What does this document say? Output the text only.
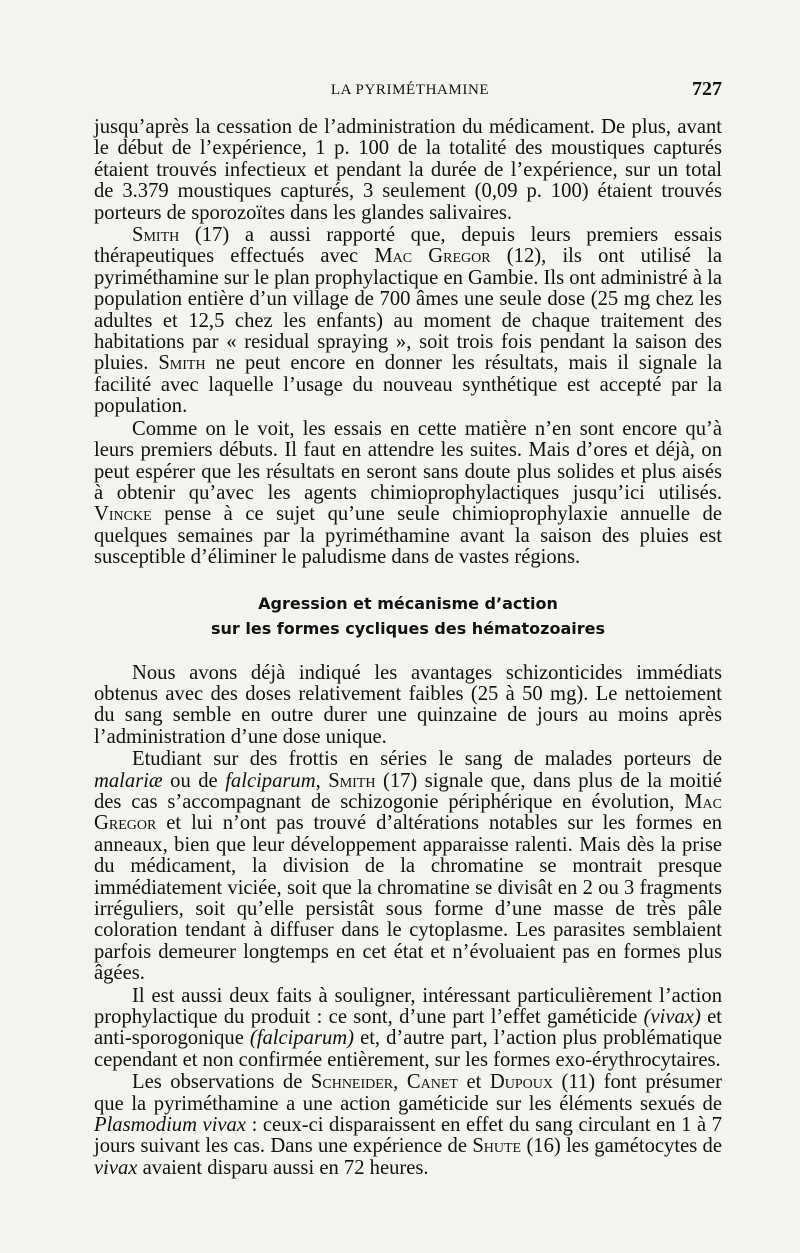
LA PYRIMÉTHAMINE	727

jusqu’après la cessation de l’administration du médicament. De plus, avant le début de l’expérience, 1 p. 100 de la totalité des moustiques capturés étaient trouvés infectieux et pendant la durée de l’expérience, sur un total de 3.379 moustiques capturés, 3 seulement (0,09 p. 100) étaient trouvés porteurs de sporozoïtes dans les glandes salivaires.

Smith (17) a aussi rapporté que, depuis leurs premiers essais thérapeutiques effectués avec Mac Gregor (12), ils ont utilisé la pyriméthamine sur le plan prophylactique en Gambie. Ils ont administré à la population entière d’un village de 700 âmes une seule dose (25 mg chez les adultes et 12,5 chez les enfants) au moment de chaque traitement des habitations par « residual spraying », soit trois fois pendant la saison des pluies. Smith ne peut encore en donner les résultats, mais il signale la facilité avec laquelle l’usage du nouveau synthétique est accepté par la population.

Comme on le voit, les essais en cette matière n’en sont encore qu’à leurs premiers débuts. Il faut en attendre les suites. Mais d’ores et déjà, on peut espérer que les résultats en seront sans doute plus solides et plus aisés à obtenir qu’avec les agents chimioprophylactiques jusqu’ici utilisés. Vincke pense à ce sujet qu’une seule chimioprophylaxie annuelle de quelques semaines par la pyriméthamine avant la saison des pluies est susceptible d’éliminer le paludisme dans de vastes régions.

Agression et mécanisme d’action
sur les formes cycliques des hématozoaires

Nous avons déjà indiqué les avantages schizonticides immédiats obtenus avec des doses relativement faibles (25 à 50 mg). Le nettoiement du sang semble en outre durer une quinzaine de jours au moins après l’administration d’une dose unique.

Etudiant sur des frottis en séries le sang de malades porteurs de malariæ ou de falciparum, Smith (17) signale que, dans plus de la moitié des cas s’accompagnant de schizogonie périphérique en évolution, Mac Gregor et lui n’ont pas trouvé d’altérations notables sur les formes en anneaux, bien que leur développement apparaisse ralenti. Mais dès la prise du médicament, la division de la chromatine se montrait presque immédiatement viciée, soit que la chromatine se divisât en 2 ou 3 fragments irréguliers, soit qu’elle persistât sous forme d’une masse de très pâle coloration tendant à diffuser dans le cytoplasme. Les parasites semblaient parfois demeurer longtemps en cet état et n’évoluaient pas en formes plus âgées.

Il est aussi deux faits à souligner, intéressant particulièrement l’action prophylactique du produit : ce sont, d’une part l’effet gaméticide (vivax) et anti-sporogonique (falciparum) et, d’autre part, l’action plus problématique cependant et non confirmée entièrement, sur les formes exo-érythrocytaires.

Les observations de Schneider, Canet et Dupoux (11) font présumer que la pyriméthamine a une action gaméticide sur les éléments sexués de Plasmodium vivax : ceux-ci disparaissent en effet du sang circulant en 1 à 7 jours suivant les cas. Dans une expérience de Shute (16) les gamétocytes de vivax avaient disparu aussi en 72 heures.
